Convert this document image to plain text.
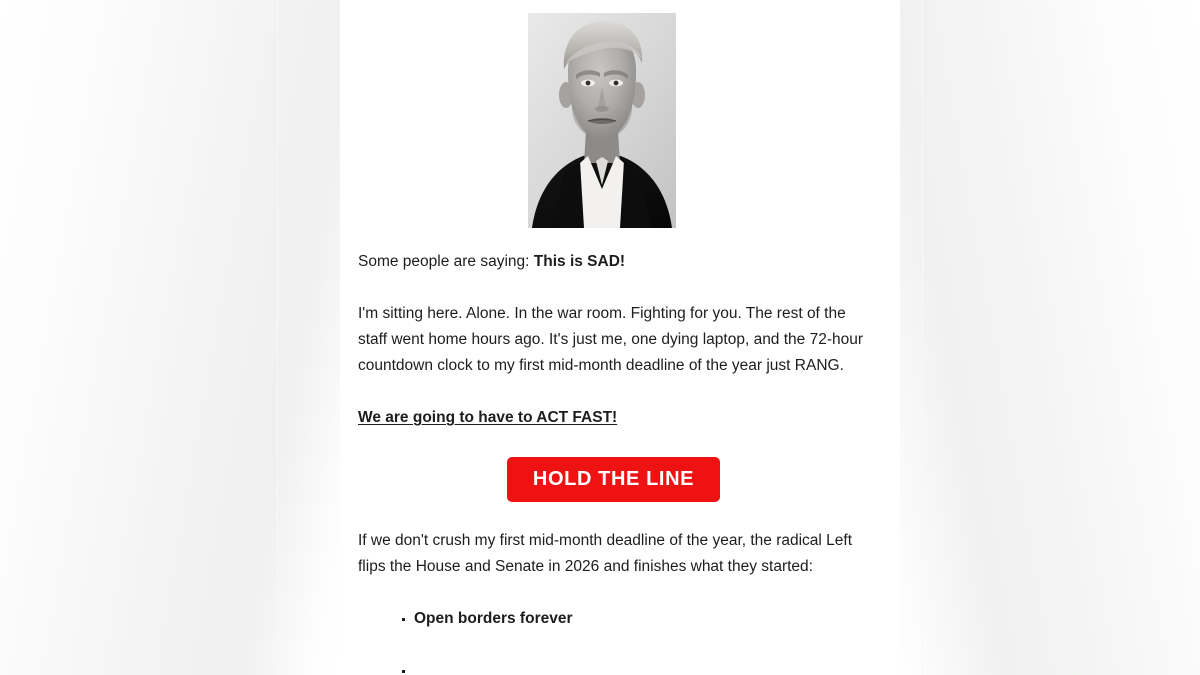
Some people are saying: This is SAD!

I'm sitting here. Alone. In the war room. Fighting for you. The rest of the staff went home hours ago. It's just me, one dying laptop, and the 72-hour countdown clock to my first mid-month deadline of the year just RANG.

We are going to have to ACT FAST!

HOLD THE LINE

If we don't crush my first mid-month deadline of the year, the radical Left flips the House and Senate in 2026 and finishes what they started:

Open borders forever
